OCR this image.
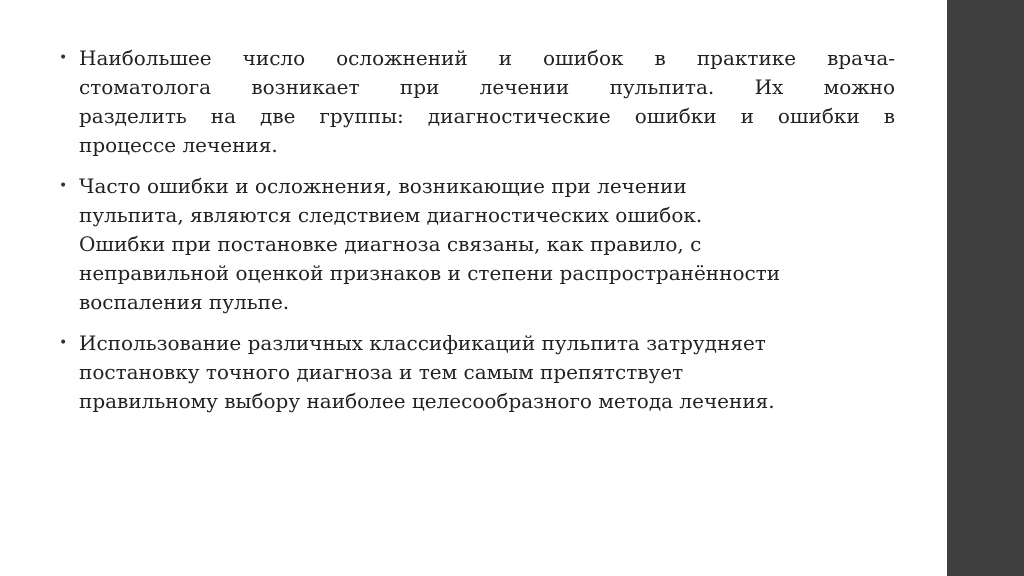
• Наибольшее число осложнений и ошибок в практике врача-
стоматолога возникает при лечении пульпита. Их можно
разделить на две группы: диагностические ошибки и ошибки в
процессе лечения.
• Часто ошибки и осложнения, возникающие при лечении
пульпита, являются следствием диагностических ошибок.
Ошибки при постановке диагноза связаны, как правило, с
неправильной оценкой признаков и степени распространённости
воспаления пульпе.
• Использование различных классификаций пульпита затрудняет
постановку точного диагноза и тем самым препятствует
правильному выбору наиболее целесообразного метода лечения.
